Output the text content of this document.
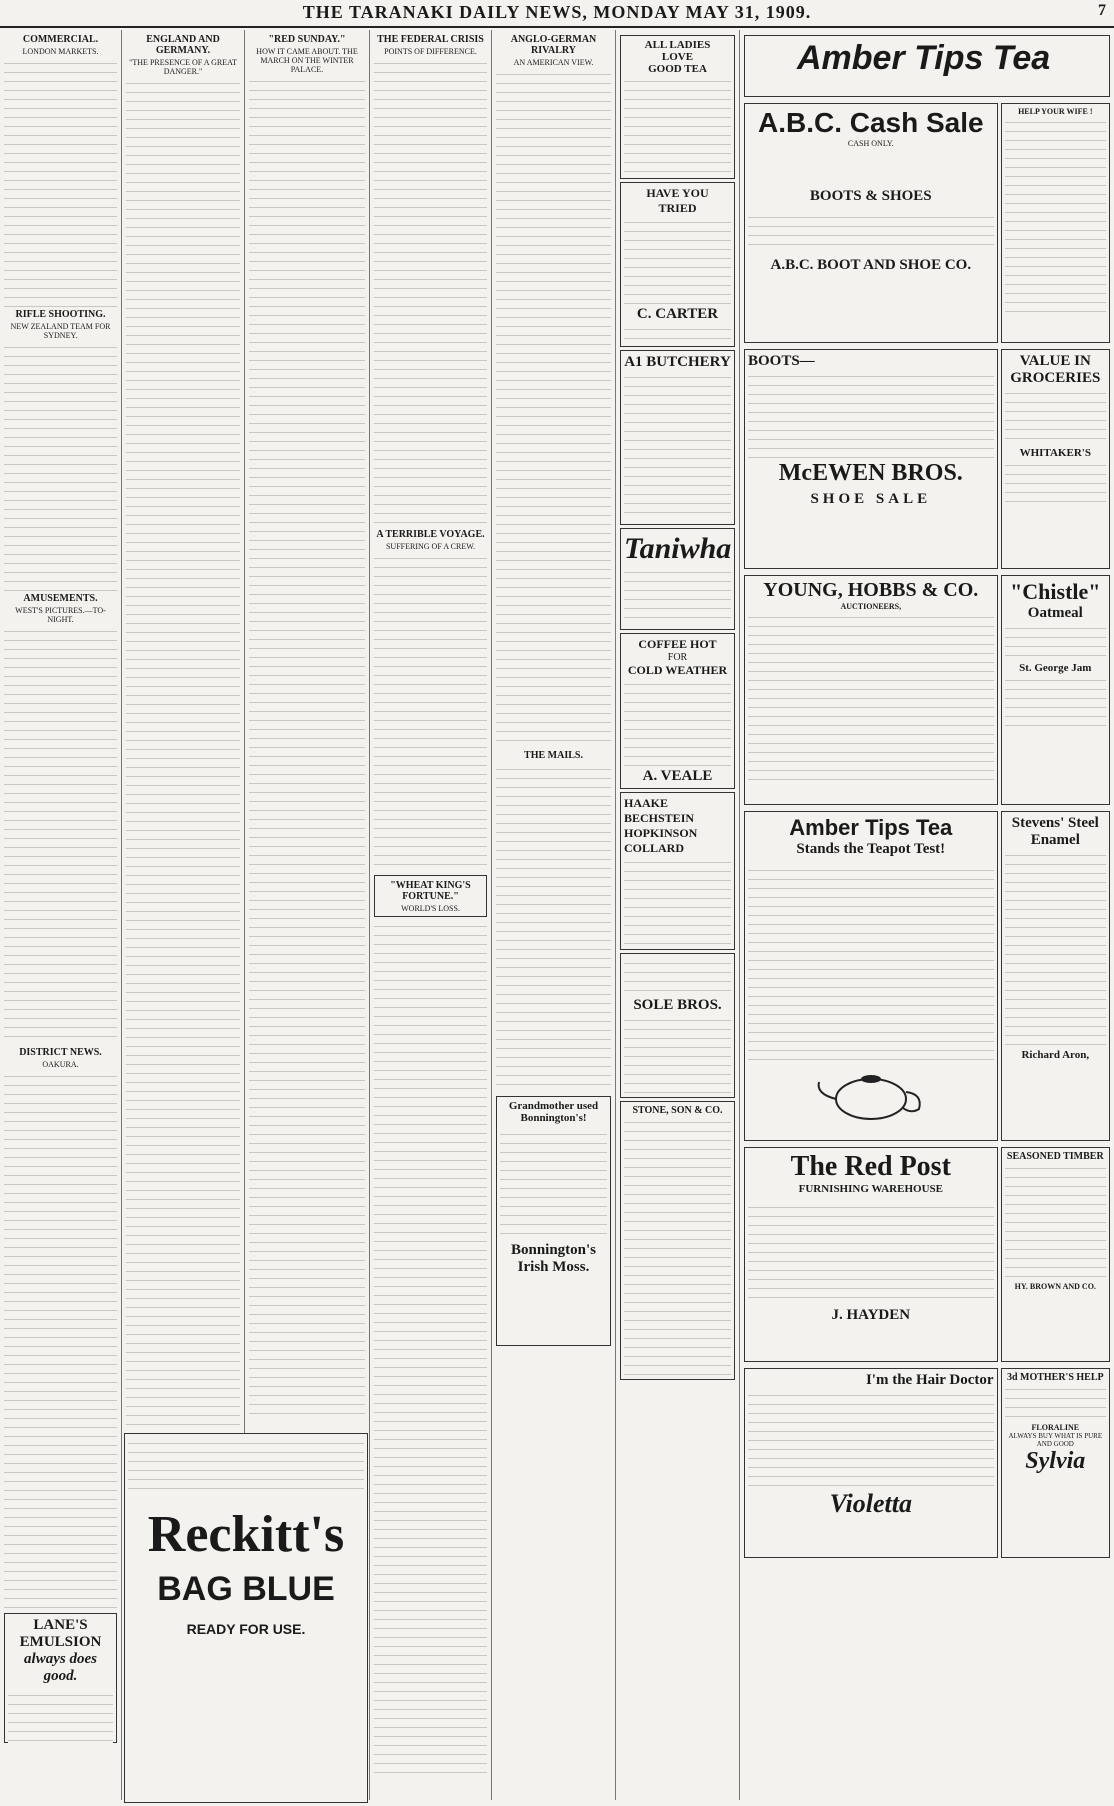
THE TARANAKI DAILY NEWS, MONDAY MAY 31, 1909.	7
COMMERCIAL.
LONDON MARKETS.
RIFLE SHOOTING.
NEW ZEALAND TEAM FOR SYDNEY.
AMUSEMENTS.
WEST'S PICTURES.—TO-NIGHT.
DISTRICT NEWS.
OAKURA.
LANE'S EMULSION
always does good.
ENGLAND AND GERMANY.
"THE PRESENCE OF A GREAT DANGER."
"RED SUNDAY."
HOW IT CAME ABOUT. THE MARCH ON THE WINTER PALACE.
Reckitt's
BAG BLUE
READY FOR USE.
THE FEDERAL CRISIS
POINTS OF DIFFERENCE.
A TERRIBLE VOYAGE.
SUFFERING OF A CREW.
"WHEAT KING'S FORTUNE."
WORLD'S LOSS.
ANGLO-GERMAN RIVALRY
AN AMERICAN VIEW.
THE MAILS.
Grandmother used Bonnington's!
Bonnington's Irish Moss.
ALL LADIES
LOVE
GOOD TEA
HAVE YOU
TRIED
C. CARTER
A1 BUTCHERY
Taniwha
COFFEE HOT
FOR
COLD WEATHER
A. VEALE
HAAKE
BECHSTEIN
HOPKINSON
COLLARD
SOLE BROS.
STONE, SON & CO.
Amber Tips Tea
A.B.C. Cash Sale
CASH ONLY.
BOOTS & SHOES
A.B.C. BOOT AND SHOE CO.
HELP YOUR WIFE !
BOOTS—
McEWEN BROS.
SHOE SALE
VALUE IN
GROCERIES
WHITAKER'S
YOUNG, HOBBS & CO.
AUCTIONEERS,
"Chistle"
Oatmeal
St. George Jam
Amber Tips Tea
Stands the Teapot Test!
Stevens' Steel Enamel
Richard Aron,
The Red Post
FURNISHING WAREHOUSE
J. HAYDEN
SEASONED TIMBER
HY. BROWN AND CO.
I'm the Hair Doctor
Violetta
3d MOTHER'S HELP
FLORALINE
ALWAYS BUY WHAT IS PURE AND GOOD
Sylvia
